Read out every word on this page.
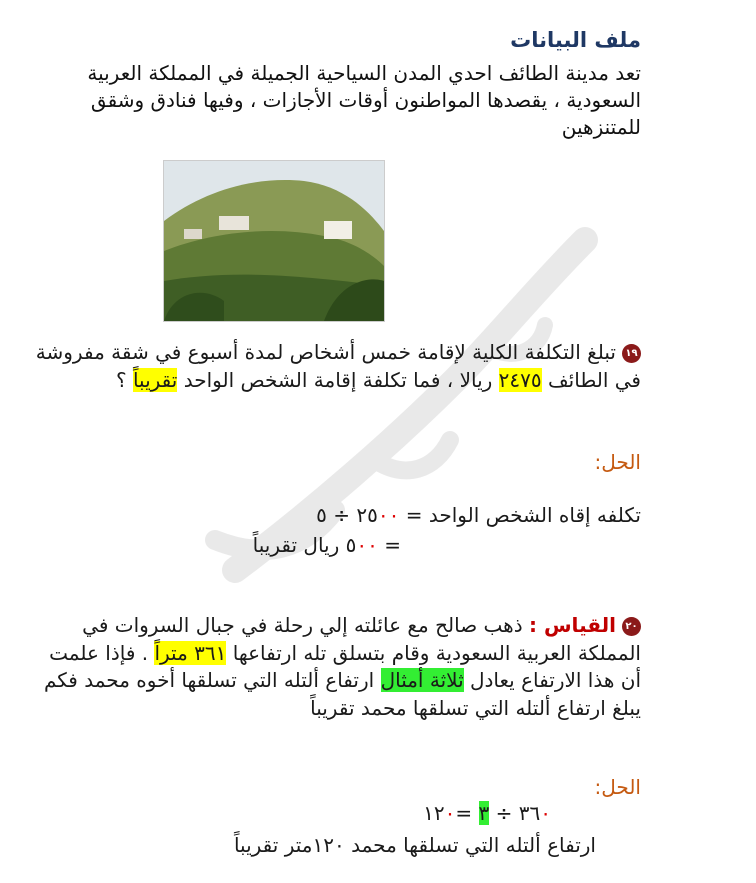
ملف البيانات
تعد مدينة الطائف احدي المدن السياحية الجميلة في المملكة العربية السعودية ، يقصدها المواطنون أوقات الأجازات ، وفيها فنادق وشقق للمتنزهين
١٩تبلغ التكلفة الكلية لإقامة خمس أشخاص لمدة أسبوع في شقة مفروشة في الطائف ٢٤٧٥ ريالا ، فما تكلفة إقامة الشخص الواحد تقريباً ؟
الحل:
تكلفه إقاه الشخص الواحد = ٢٥٠٠ ÷ ٥
= ٥٠٠ ريال تقريباً
٢٠القياس : ذهب صالح مع عائلته إلي رحلة في جبال السروات في المملكة العربية السعودية وقام بتسلق تله ارتفاعها ٣٦١ متراً . فإذا علمت أن هذا الارتفاع يعادل ثلاثة أمثال ارتفاع ألتله التي تسلقها أخوه محمد فكم يبلغ ارتفاع ألتله التي تسلقها محمد تقريباً
الحل:
٣٦٠ ÷ ٣ =١٢٠
ارتفاع ألتله التي تسلقها محمد ١٢٠متر تقريباً
